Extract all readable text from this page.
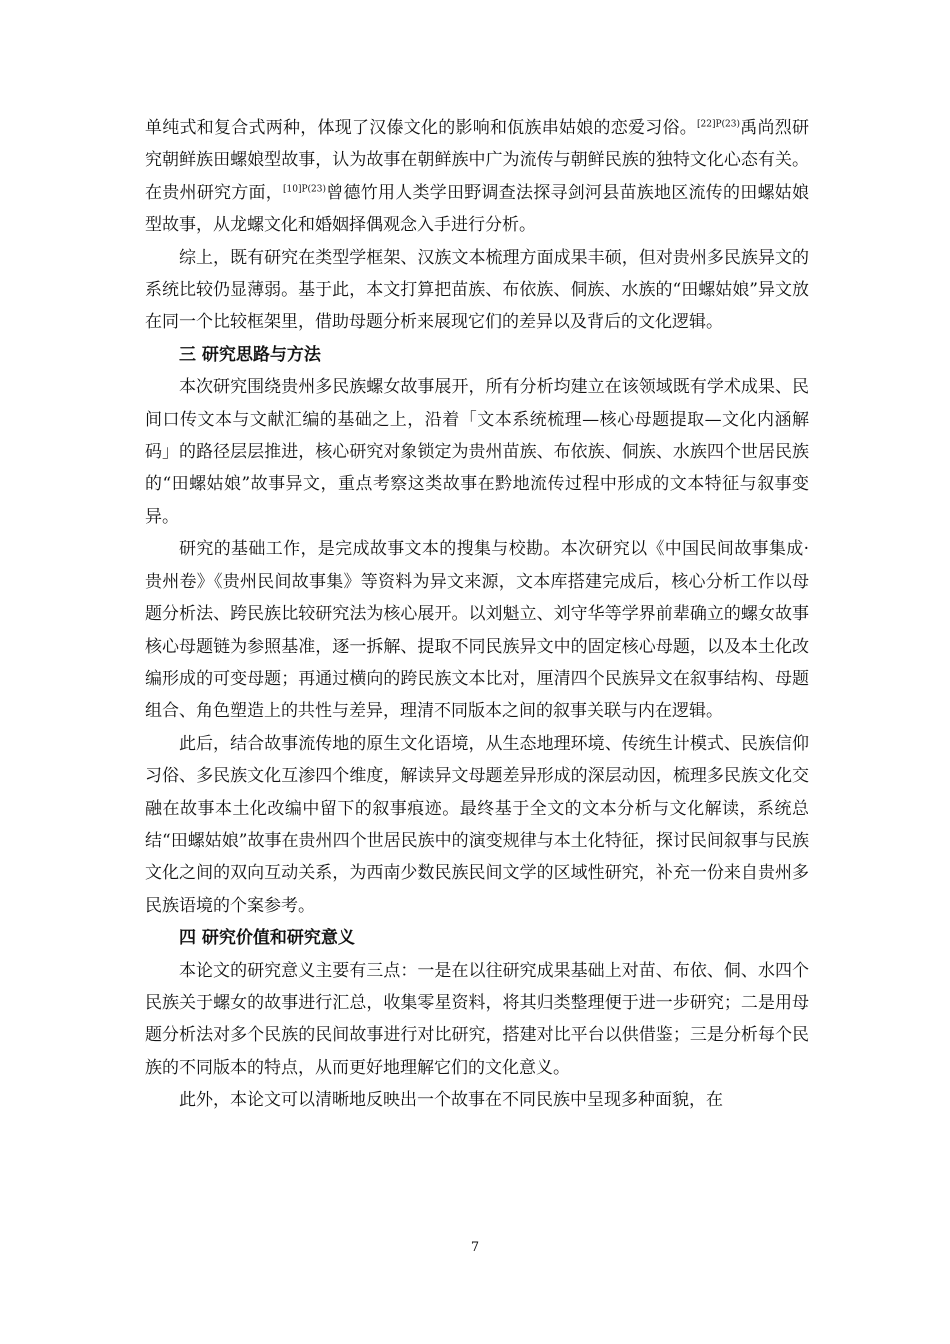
单纯式和复合式两种，体现了汉傣文化的影响和佤族串姑娘的恋爱习俗。$^{[22]P(23)}$禹尚烈研究朝鲜族田螺娘型故事，认为故事在朝鲜族中广为流传与朝鲜民族的独特文化心态有关。在贵州研究方面，$^{[10]P(23)}$曾德竹用人类学田野调查法探寻剑河县苗族地区流传的田螺姑娘型故事，从龙螺文化和婚姻择偶观念入手进行分析。

综上，既有研究在类型学框架、汉族文本梳理方面成果丰硕，但对贵州多民族异文的系统比较仍显薄弱。基于此，本文打算把苗族、布依族、侗族、水族的“田螺姑娘”异文放在同一个比较框架里，借助母题分析来展现它们的差异以及背后的文化逻辑。

三 研究思路与方法

本次研究围绕贵州多民族螺女故事展开，所有分析均建立在该领域既有学术成果、民间口传文本与文献汇编的基础之上，沿着「文本系统梳理—核心母题提取—文化内涵解码」的路径层层推进，核心研究对象锁定为贵州苗族、布依族、侗族、水族四个世居民族的“田螺姑娘”故事异文，重点考察这类故事在黔地流传过程中形成的文本特征与叙事变异。

研究的基础工作，是完成故事文本的搜集与校勘。本次研究以《中国民间故事集成·贵州卷》《贵州民间故事集》等资料为异文来源，文本库搭建完成后，核心分析工作以母题分析法、跨民族比较研究法为核心展开。以刘魁立、刘守华等学界前辈确立的螺女故事核心母题链为参照基准，逐一拆解、提取不同民族异文中的固定核心母题，以及本土化改编形成的可变母题；再通过横向的跨民族文本比对，厘清四个民族异文在叙事结构、母题组合、角色塑造上的共性与差异，理清不同版本之间的叙事关联与内在逻辑。

此后，结合故事流传地的原生文化语境，从生态地理环境、传统生计模式、民族信仰习俗、多民族文化互渗四个维度，解读异文母题差异形成的深层动因，梳理多民族文化交融在故事本土化改编中留下的叙事痕迹。最终基于全文的文本分析与文化解读，系统总结“田螺姑娘”故事在贵州四个世居民族中的演变规律与本土化特征，探讨民间叙事与民族文化之间的双向互动关系，为西南少数民族民间文学的区域性研究，补充一份来自贵州多民族语境的个案参考。

四 研究价值和研究意义

本论文的研究意义主要有三点：一是在以往研究成果基础上对苗、布依、侗、水四个民族关于螺女的故事进行汇总，收集零星资料，将其归类整理便于进一步研究；二是用母题分析法对多个民族的民间故事进行对比研究，搭建对比平台以供借鉴；三是分析每个民族的不同版本的特点，从而更好地理解它们的文化意义。

此外，本论文可以清晰地反映出一个故事在不同民族中呈现多种面貌，在

7
